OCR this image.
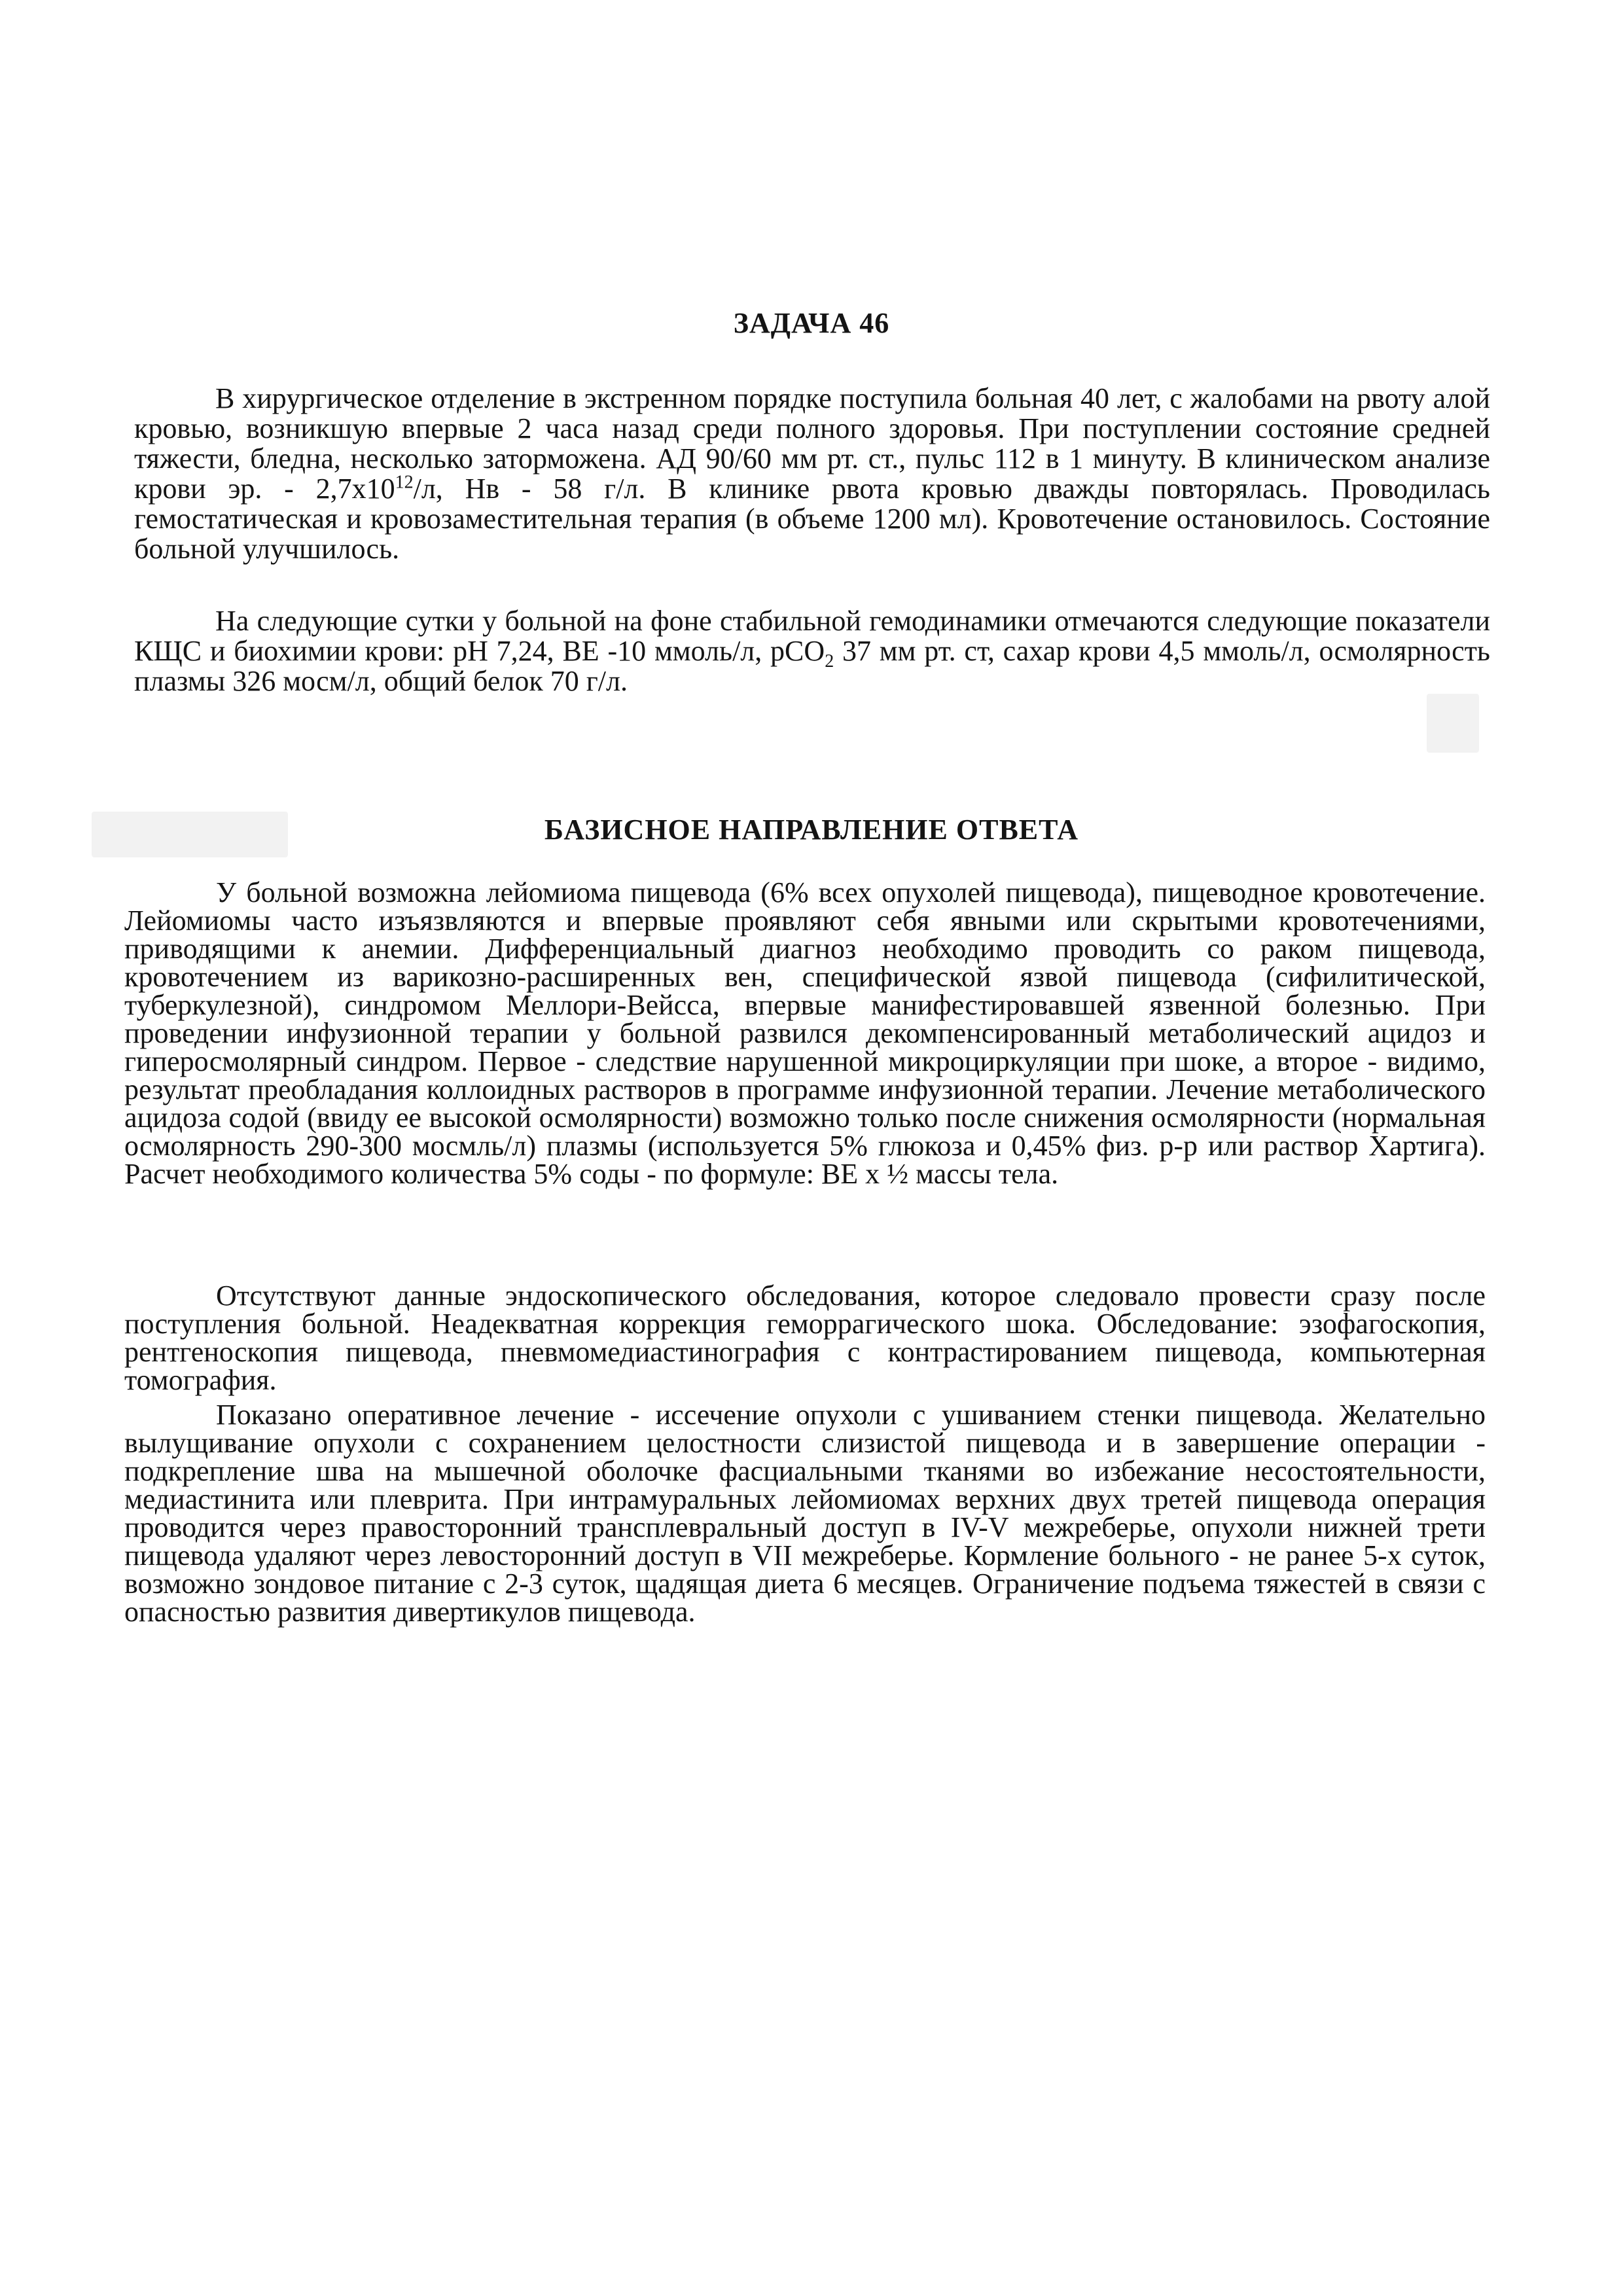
ЗАДАЧА 46

В хирургическое отделение в экстренном порядке поступила больная 40 лет, с жалобами на рвоту алой кровью, возникшую впервые 2 часа назад среди полного здоровья. При поступлении состояние средней тяжести, бледна, несколько заторможена. АД 90/60 мм рт. ст., пульс 112 в 1 минуту. В клиническом анализе крови эр. - $2,7х10^{12}/л$, Нв - 58 г/л. В клинике рвота кровью дважды повторялась. Проводилась гемостатическая и кровозаместительная терапия (в объеме 1200 мл). Кровотечение остановилось. Состояние больной улучшилось.

На следующие сутки у больной на фоне стабильной гемодинамики отмечаются следующие показатели КЩС и биохимии крови: рН 7,24, ВЕ -10 ммоль/л, рСО$_2$ 37 мм рт. ст, сахар крови 4,5 ммоль/л, осмолярность плазмы 326 мосм/л, общий белок 70 г/л.

БАЗИСНОЕ НАПРАВЛЕНИЕ ОТВЕТА

У больной возможна лейомиома пищевода (6% всех опухолей пищевода), пищеводное кровотечение. Лейомиомы часто изъязвляются и впервые проявляют себя явными или скрытыми кровотечениями, приводящими к анемии. Дифференциальный диагноз необходимо проводить со раком пищевода, кровотечением из варикозно-расширенных вен, специфической язвой пищевода (сифилитической, туберкулезной), синдромом Меллори-Вейсса, впервые манифестировавшей язвенной болезнью. При проведении инфузионной терапии у больной развился декомпенсированный метаболический ацидоз и гиперосмолярный синдром. Первое - следствие нарушенной микроциркуляции при шоке, а второе - видимо, результат преобладания коллоидных растворов в программе инфузионной терапии. Лечение метаболического ацидоза содой (ввиду ее высокой осмолярности) возможно только после снижения осмолярности (нормальная осмолярность 290-300 мосмль/л) плазмы (используется 5% глюкоза и 0,45% физ. р-р или раствор Хартига). Расчет необходимого количества 5% соды - по формуле: ВЕ х ½ массы тела.

Отсутствуют данные эндоскопического обследования, которое следовало провести сразу после поступления больной. Неадекватная коррекция геморрагического шока. Обследование: эзофагоскопия, рентгеноскопия пищевода, пневмомедиастинография с контрастированием пищевода, компьютерная томография.

Показано оперативное лечение - иссечение опухоли с ушиванием стенки пищевода. Желательно вылущивание опухоли с сохранением целостности слизистой пищевода и в завершение операции - подкрепление шва на мышечной оболочке фасциальными тканями во избежание несостоятельности, медиастинита или плеврита. При интрамуральных лейомиомах верхних двух третей пищевода операция проводится через правосторонний трансплевральный доступ в IV-V межреберье, опухоли нижней трети пищевода удаляют через левосторонний доступ в VII межреберье. Кормление больного - не ранее 5-х суток, возможно зондовое питание с 2-3 суток, щадящая диета 6 месяцев. Ограничение подъема тяжестей в связи с опасностью развития дивертикулов пищевода.
